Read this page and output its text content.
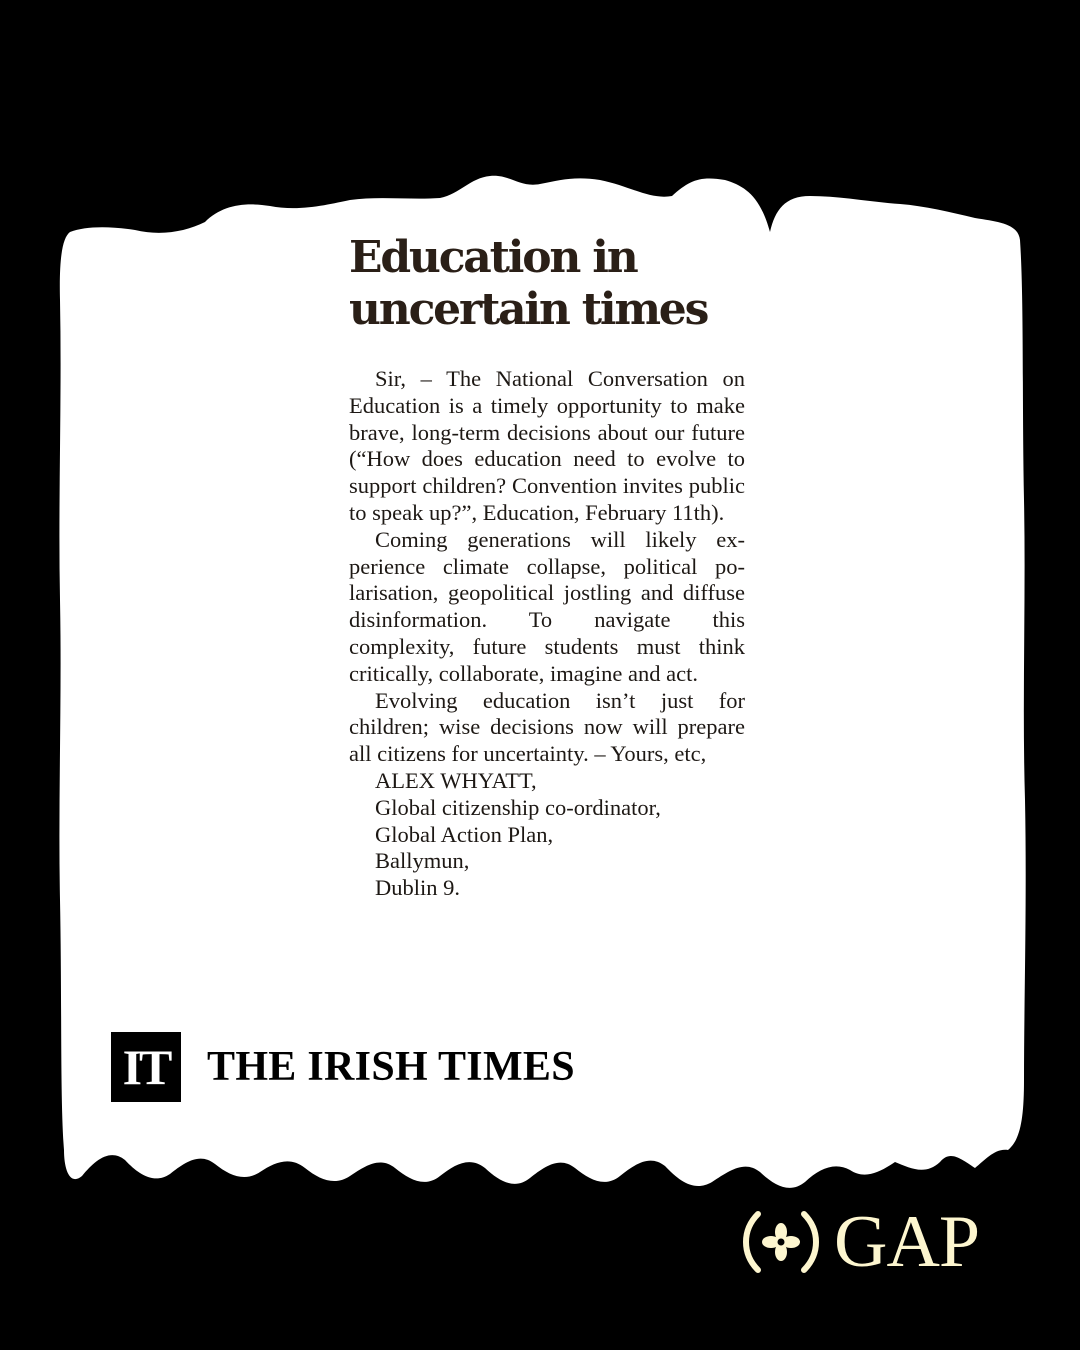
Education in
uncertain times

Sir, – The National Conversation on Education is a timely opportunity to make brave, long-term decisions about our future (“How does education need to evolve to support children? Convention invites public to speak up?”, Education, February 11th).

Coming generations will likely experience climate collapse, political polarisation, geopolitical jostling and diffuse disinformation. To navigate this complexity, future students must think critically, collaborate, imagine and act.

Evolving education isn’t just for children; wise decisions now will prepare all citizens for uncertainty. – Yours, etc,

ALEX WHYATT,
Global citizenship co-ordinator,
Global Action Plan,
Ballymun,
Dublin 9.
IT THE IRISH TIMES
GAP
